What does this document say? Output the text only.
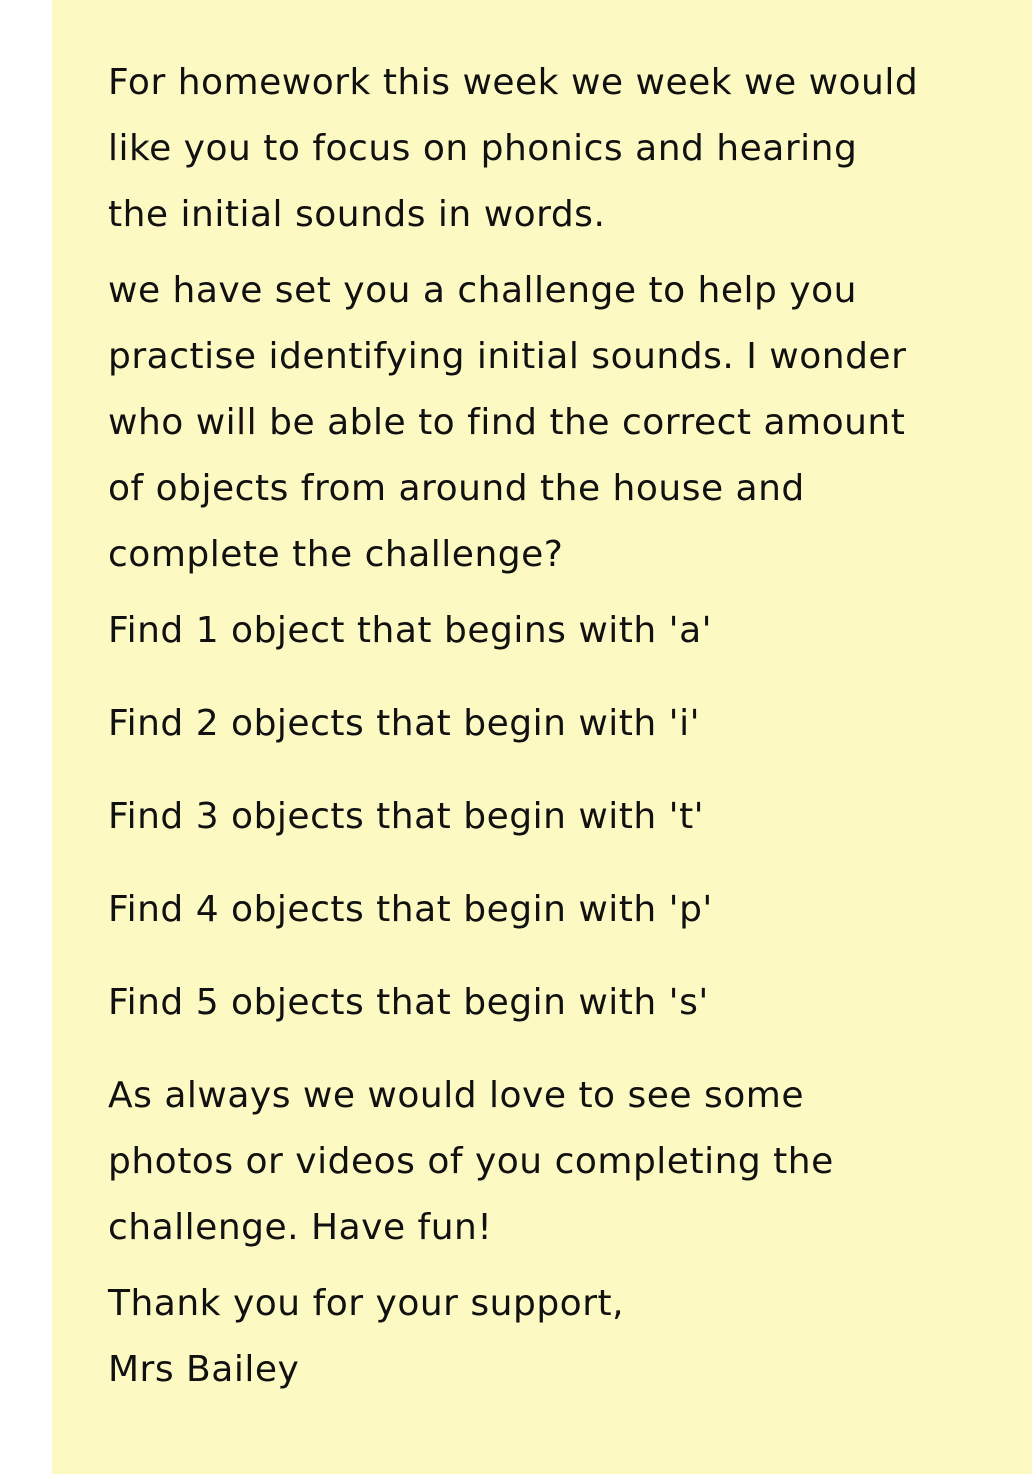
For homework this week we week we would
like you to focus on phonics and hearing
the initial sounds in words.
we have set you a challenge to help you
practise identifying initial sounds. I wonder
who will be able to find the correct amount
of objects from around the house and
complete the challenge?
Find 1 object that begins with 'a'
Find 2 objects that begin with 'i'
Find 3 objects that begin with 't'
Find 4 objects that begin with 'p'
Find 5 objects that begin with 's'
As always we would love to see some
photos or videos of you completing the
challenge. Have fun!
Thank you for your support,
Mrs Bailey
